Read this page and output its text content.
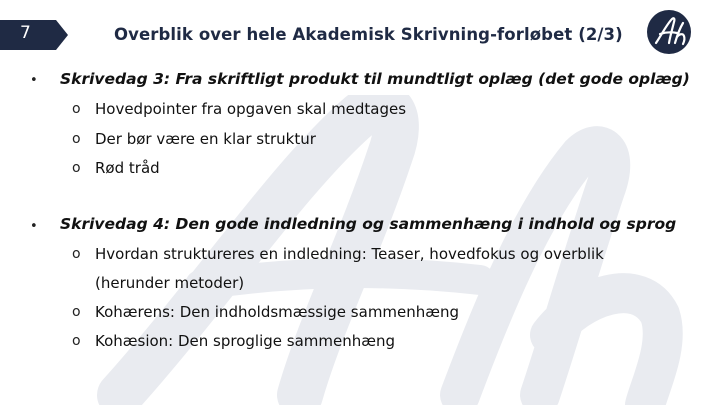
7	Overblik over hele Akademisk Skrivning-forløbet (2/3)
• Skrivedag 3: Fra skriftligt produkt til mundtligt oplæg (det gode oplæg)
o Hovedpointer fra opgaven skal medtages
o Der bør være en klar struktur
o Rød tråd
• Skrivedag 4: Den gode indledning og sammenhæng i indhold og sprog
o Hvordan struktureres en indledning: Teaser, hovedfokus og overblik
(herunder metoder)
o Kohærens: Den indholdsmæssige sammenhæng
o Kohæsion: Den sproglige sammenhæng
